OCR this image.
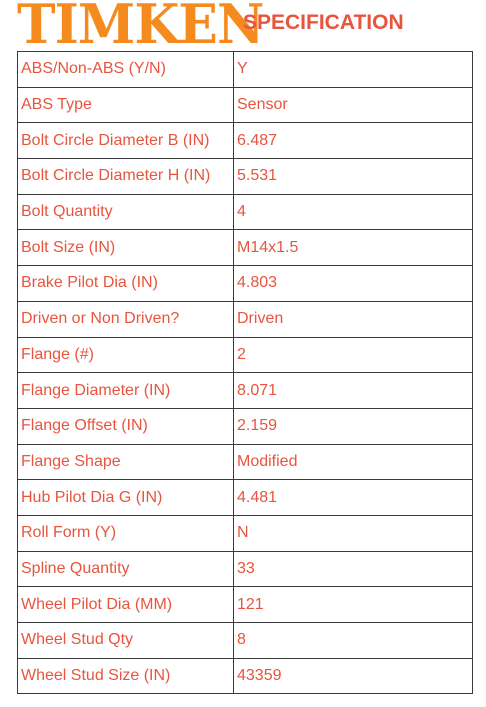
TIMKEN
SPECIFICATION
ABS/Non-ABS (Y/N)	Y
ABS Type	Sensor
Bolt Circle Diameter B (IN)	6.487
Bolt Circle Diameter H (IN)	5.531
Bolt Quantity	4
Bolt Size (IN)	M14x1.5
Brake Pilot Dia (IN)	4.803
Driven or Non Driven?	Driven
Flange (#)	2
Flange Diameter (IN)	8.071
Flange Offset (IN)	2.159
Flange Shape	Modified
Hub Pilot Dia G (IN)	4.481
Roll Form (Y)	N
Spline Quantity	33
Wheel Pilot Dia (MM)	121
Wheel Stud Qty	8
Wheel Stud Size (IN)	43359
